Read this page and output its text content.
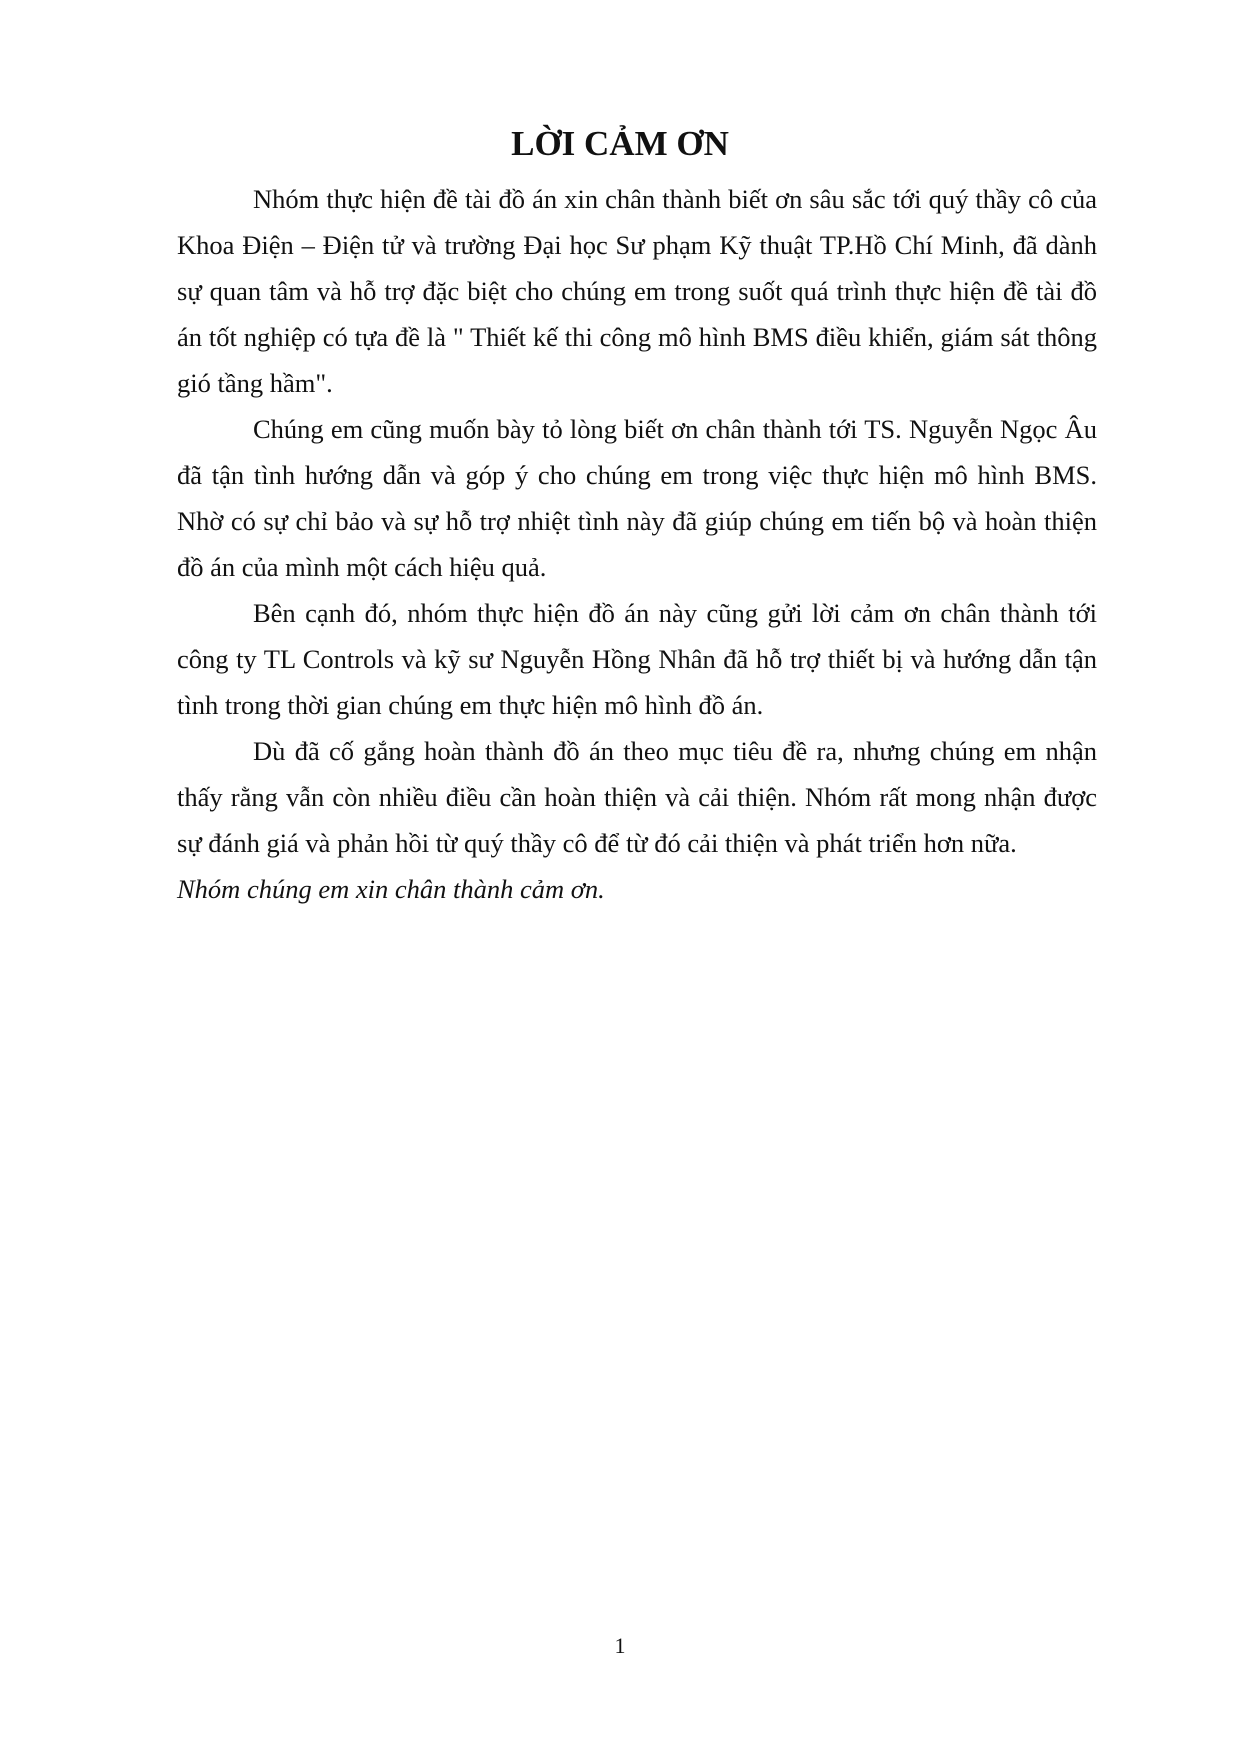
LỜI CẢM ƠN

Nhóm thực hiện đề tài đồ án xin chân thành biết ơn sâu sắc tới quý thầy cô của Khoa Điện – Điện tử và trường Đại học Sư phạm Kỹ thuật TP.Hồ Chí Minh, đã dành sự quan tâm và hỗ trợ đặc biệt cho chúng em trong suốt quá trình thực hiện đề tài đồ án tốt nghiệp có tựa đề là " Thiết kế thi công mô hình BMS điều khiển, giám sát thông gió tầng hầm".

Chúng em cũng muốn bày tỏ lòng biết ơn chân thành tới TS. Nguyễn Ngọc Âu đã tận tình hướng dẫn và góp ý cho chúng em trong việc thực hiện mô hình BMS. Nhờ có sự chỉ bảo và sự hỗ trợ nhiệt tình này đã giúp chúng em tiến bộ và hoàn thiện đồ án của mình một cách hiệu quả.

Bên cạnh đó, nhóm thực hiện đồ án này cũng gửi lời cảm ơn chân thành tới công ty TL Controls và kỹ sư Nguyễn Hồng Nhân đã hỗ trợ thiết bị và hướng dẫn tận tình trong thời gian chúng em thực hiện mô hình đồ án.

Dù đã cố gắng hoàn thành đồ án theo mục tiêu đề ra, nhưng chúng em nhận thấy rằng vẫn còn nhiều điều cần hoàn thiện và cải thiện. Nhóm rất mong nhận được sự đánh giá và phản hồi từ quý thầy cô để từ đó cải thiện và phát triển hơn nữa.

Nhóm chúng em xin chân thành cảm ơn.

1
